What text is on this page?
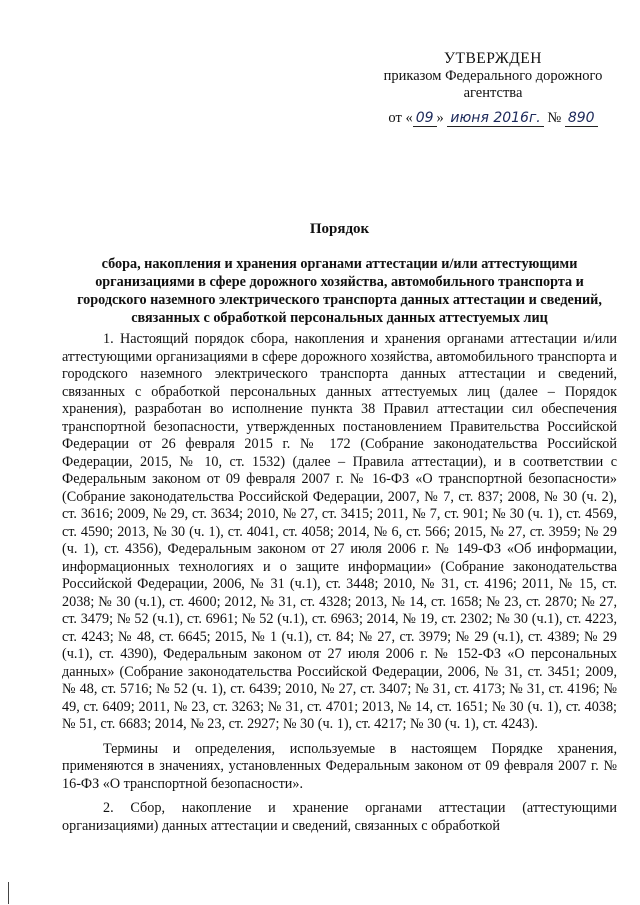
УТВЕРЖДЕН
приказом Федерального дорожного агентства
от « 09 » июня 2016г. № 890
Порядок
сбора, накопления и хранения органами аттестации и/или аттестующими организациями в сфере дорожного хозяйства, автомобильного транспорта и городского наземного электрического транспорта данных аттестации и сведений, связанных с обработкой персональных данных аттестуемых лиц

1. Настоящий порядок сбора, накопления и хранения органами аттестации и/или аттестующими организациями в сфере дорожного хозяйства, автомобильного транспорта и городского наземного электрического транспорта данных аттестации и сведений, связанных с обработкой персональных данных аттестуемых лиц (далее – Порядок хранения), разработан во исполнение пункта 38 Правил аттестации сил обеспечения транспортной безопасности, утвержденных постановлением Правительства Российской Федерации от 26 февраля 2015 г. № 172 (Собрание законодательства Российской Федерации, 2015, № 10, ст. 1532) (далее – Правила аттестации), и в соответствии с Федеральным законом от 09 февраля 2007 г. № 16-ФЗ «О транспортной безопасности» (Собрание законодательства Российской Федерации, 2007, № 7, ст. 837; 2008, № 30 (ч. 2), ст. 3616; 2009, № 29, ст. 3634; 2010, № 27, ст. 3415; 2011, № 7, ст. 901; № 30 (ч. 1), ст. 4569, ст. 4590; 2013, № 30 (ч. 1), ст. 4041, ст. 4058; 2014, № 6, ст. 566; 2015, № 27, ст. 3959; № 29 (ч. 1), ст. 4356), Федеральным законом от 27 июля 2006 г. № 149-ФЗ «Об информации, информационных технологиях и о защите информации» (Собрание законодательства Российской Федерации, 2006, № 31 (ч.1), ст. 3448; 2010, № 31, ст. 4196; 2011, № 15, ст. 2038; № 30 (ч.1), ст. 4600; 2012, № 31, ст. 4328; 2013, № 14, ст. 1658; № 23, ст. 2870; № 27, ст. 3479; № 52 (ч.1), ст. 6961; № 52 (ч.1), ст. 6963; 2014, № 19, ст. 2302; № 30 (ч.1), ст. 4223, ст. 4243; № 48, ст. 6645; 2015, № 1 (ч.1), ст. 84; № 27, ст. 3979; № 29 (ч.1), ст. 4389; № 29 (ч.1), ст. 4390), Федеральным законом от 27 июля 2006 г. № 152-ФЗ «О персональных данных» (Собрание законодательства Российской Федерации, 2006, № 31, ст. 3451; 2009, № 48, ст. 5716; № 52 (ч. 1), ст. 6439; 2010, № 27, ст. 3407; № 31, ст. 4173; № 31, ст. 4196; № 49, ст. 6409; 2011, № 23, ст. 3263; № 31, ст. 4701; 2013, № 14, ст. 1651; № 30 (ч. 1), ст. 4038; № 51, ст. 6683; 2014, № 23, ст. 2927; № 30 (ч. 1), ст. 4217; № 30 (ч. 1), ст. 4243).

Термины и определения, используемые в настоящем Порядке хранения, применяются в значениях, установленных Федеральным законом от 09 февраля 2007 г. № 16-ФЗ «О транспортной безопасности».

2. Сбор, накопление и хранение органами аттестации (аттестующими организациями) данных аттестации и сведений, связанных с обработкой
